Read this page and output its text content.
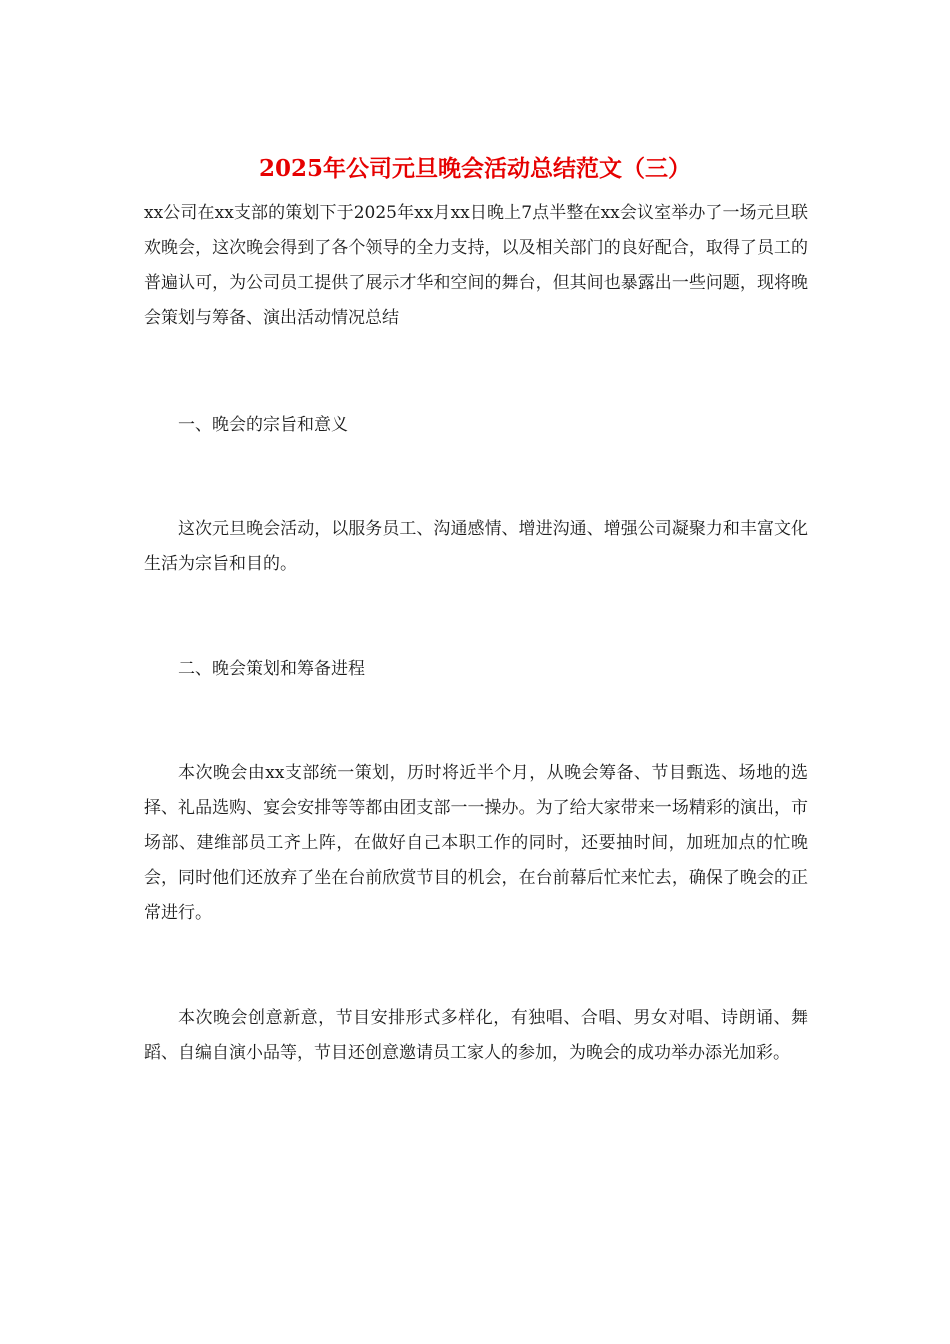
2025年公司元旦晚会活动总结范文（三）

xx公司在xx支部的策划下于2025年xx月xx日晚上7点半整在xx会议室举办了一场元旦联欢晚会，这次晚会得到了各个领导的全力支持，以及相关部门的良好配合，取得了员工的普遍认可，为公司员工提供了展示才华和空间的舞台，但其间也暴露出一些问题，现将晚会策划与筹备、演出活动情况总结

一、晚会的宗旨和意义

这次元旦晚会活动，以服务员工、沟通感情、增进沟通、增强公司凝聚力和丰富文化生活为宗旨和目的。

二、晚会策划和筹备进程

本次晚会由xx支部统一策划，历时将近半个月，从晚会筹备、节目甄选、场地的选择、礼品选购、宴会安排等等都由团支部一一操办。为了给大家带来一场精彩的演出，市场部、建维部员工齐上阵，在做好自己本职工作的同时，还要抽时间，加班加点的忙晚会，同时他们还放弃了坐在台前欣赏节目的机会，在台前幕后忙来忙去，确保了晚会的正常进行。

本次晚会创意新意，节目安排形式多样化，有独唱、合唱、男女对唱、诗朗诵、舞蹈、自编自演小品等，节目还创意邀请员工家人的参加，为晚会的成功举办添光加彩。
